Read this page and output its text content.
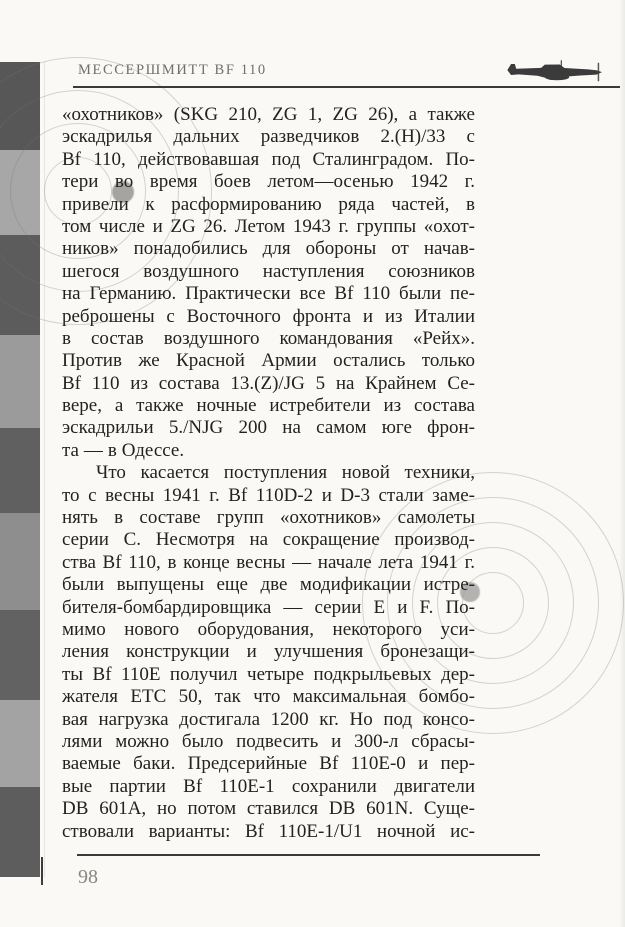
МЕССЕРШМИТТ BF 110
«охотников» (SKG 210, ZG 1, ZG 26), а также
эскадрилья дальних разведчиков 2.(H)/33 с
Bf 110, действовавшая под Сталинградом. По-
тери во время боев летом—осенью 1942 г.
привели к расформированию ряда частей, в
том числе и ZG 26. Летом 1943 г. группы «охот-
ников» понадобились для обороны от начав-
шегося воздушного наступления союзников
на Германию. Практически все Bf 110 были пе-
реброшены с Восточного фронта и из Италии
в состав воздушного командования «Рейх».
Против же Красной Армии остались только
Bf 110 из состава 13.(Z)/JG 5 на Крайнем Се-
вере, а также ночные истребители из состава
эскадрильи 5./NJG 200 на самом юге фрон-
та — в Одессе.
Что касается поступления новой техники,
то с весны 1941 г. Bf 110D-2 и D-3 стали заме-
нять в составе групп «охотников» самолеты
серии С. Несмотря на сокращение производ-
ства Bf 110, в конце весны — начале лета 1941 г.
были выпущены еще две модификации истре-
бителя-бомбардировщика — серии Е и F. По-
мимо нового оборудования, некоторого уси-
ления конструкции и улучшения бронезащи-
ты Bf 110E получил четыре подкрыльевых дер-
жателя ETC 50, так что максимальная бомбо-
вая нагрузка достигала 1200 кг. Но под консо-
лями можно было подвесить и 300-л сбрасы-
ваемые баки. Предсерийные Bf 110E-0 и пер-
вые партии Bf 110E-1 сохранили двигатели
DB 601A, но потом ставился DB 601N. Суще-
ствовали варианты: Bf 110E-1/U1 ночной ис-
98
